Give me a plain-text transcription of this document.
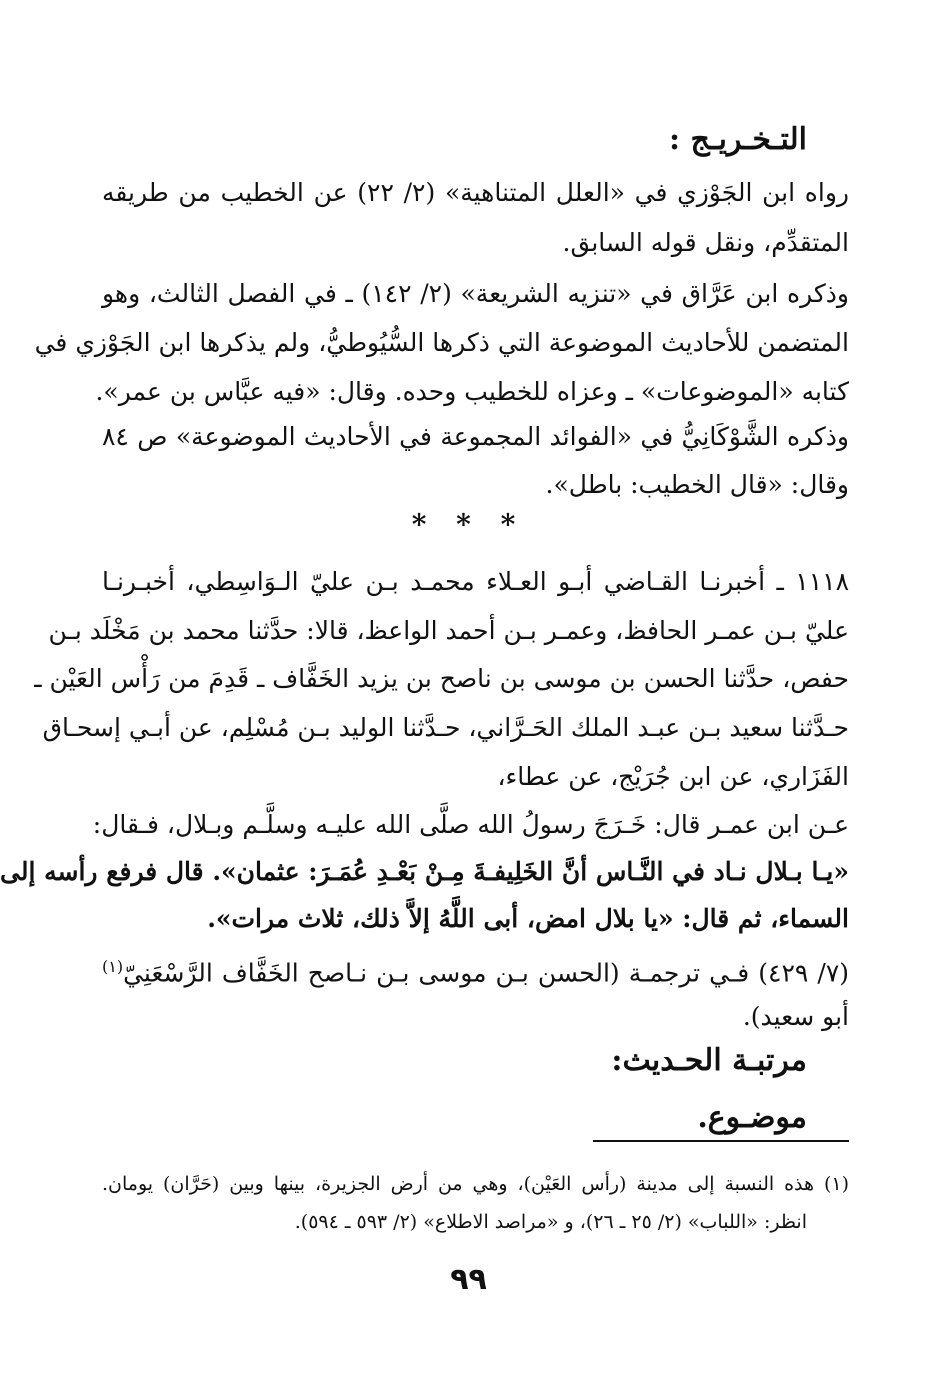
التـخـريـج :
رواه ابن الجَوْزي في «العلل المتناهية» (٢/ ٢٢) عن الخطيب من طريقه
المتقدِّم، ونقل قوله السابق.
وذكره ابن عَرَّاق في «تنزيه الشريعة» (٢/ ١٤٢) ـ في الفصل الثالث، وهو
المتضمن للأحاديث الموضوعة التي ذكرها السُّيُوطيُّ، ولم يذكرها ابن الجَوْزي في
كتابه «الموضوعات» ـ وعزاه للخطيب وحده. وقال: «فيه عبَّاس بن عمر».
وذكره الشَّوْكَانِيُّ في «الفوائد المجموعة في الأحاديث الموضوعة» ص ٨٤
وقال: «قال الخطيب: باطل».
* * *
١١١٨ ـ أخبرنـا القـاضي أبـو العـلاء محمـد بـن عليّ الـوَاسِطي، أخبـرنـا
عليّ بـن عمـر الحافظ، وعمـر بـن أحمد الواعظ، قالا: حدَّثنا محمد بن مَخْلَد بـن
حفص، حدَّثنا الحسن بن موسى بن ناصح بن يزيد الخَفَّاف ـ قَدِمَ من رَأْس العَيْن ـ
حـدَّثنا سعيد بـن عبـد الملك الحَـرَّاني، حـدَّثنا الوليد بـن مُسْلِم، عن أبـي إسحـاق
الفَزَاري، عن ابن جُرَيْج، عن عطاء،
عـن ابن عمـر قال: خَـرَجَ رسولُ الله صلَّى الله عليـه وسلَّـم وبـلال، فـقال:
«يـا بـلال نـاد في النَّـاس أنَّ الخَلِيفـةَ مِـنْ بَعْـدِ عُمَـرَ: عثمان». قال فرفع رأسه إلى
السماء، ثم قال: «يا بلال امض، أبى اللَّهُ إلاَّ ذلك، ثلاث مرات».
(٧/ ٤٢٩) فـي ترجمـة (الحسن بـن موسى بـن نـاصح الخَفَّاف الرَّسْعَنِيّ$^{(١)}$
أبو سعيد).
مرتبـة الحـديث:
موضـوع.
(١) هذه النسبة إلى مدينة (رأس العَيْن)، وهي من أرض الجزيرة، بينها وبين (حَرَّان) يومان.
انظر: «اللباب» (٢/ ٢٥ ـ ٢٦)، و «مراصد الاطلاع» (٢/ ٥٩٣ ـ ٥٩٤).
٩٩
